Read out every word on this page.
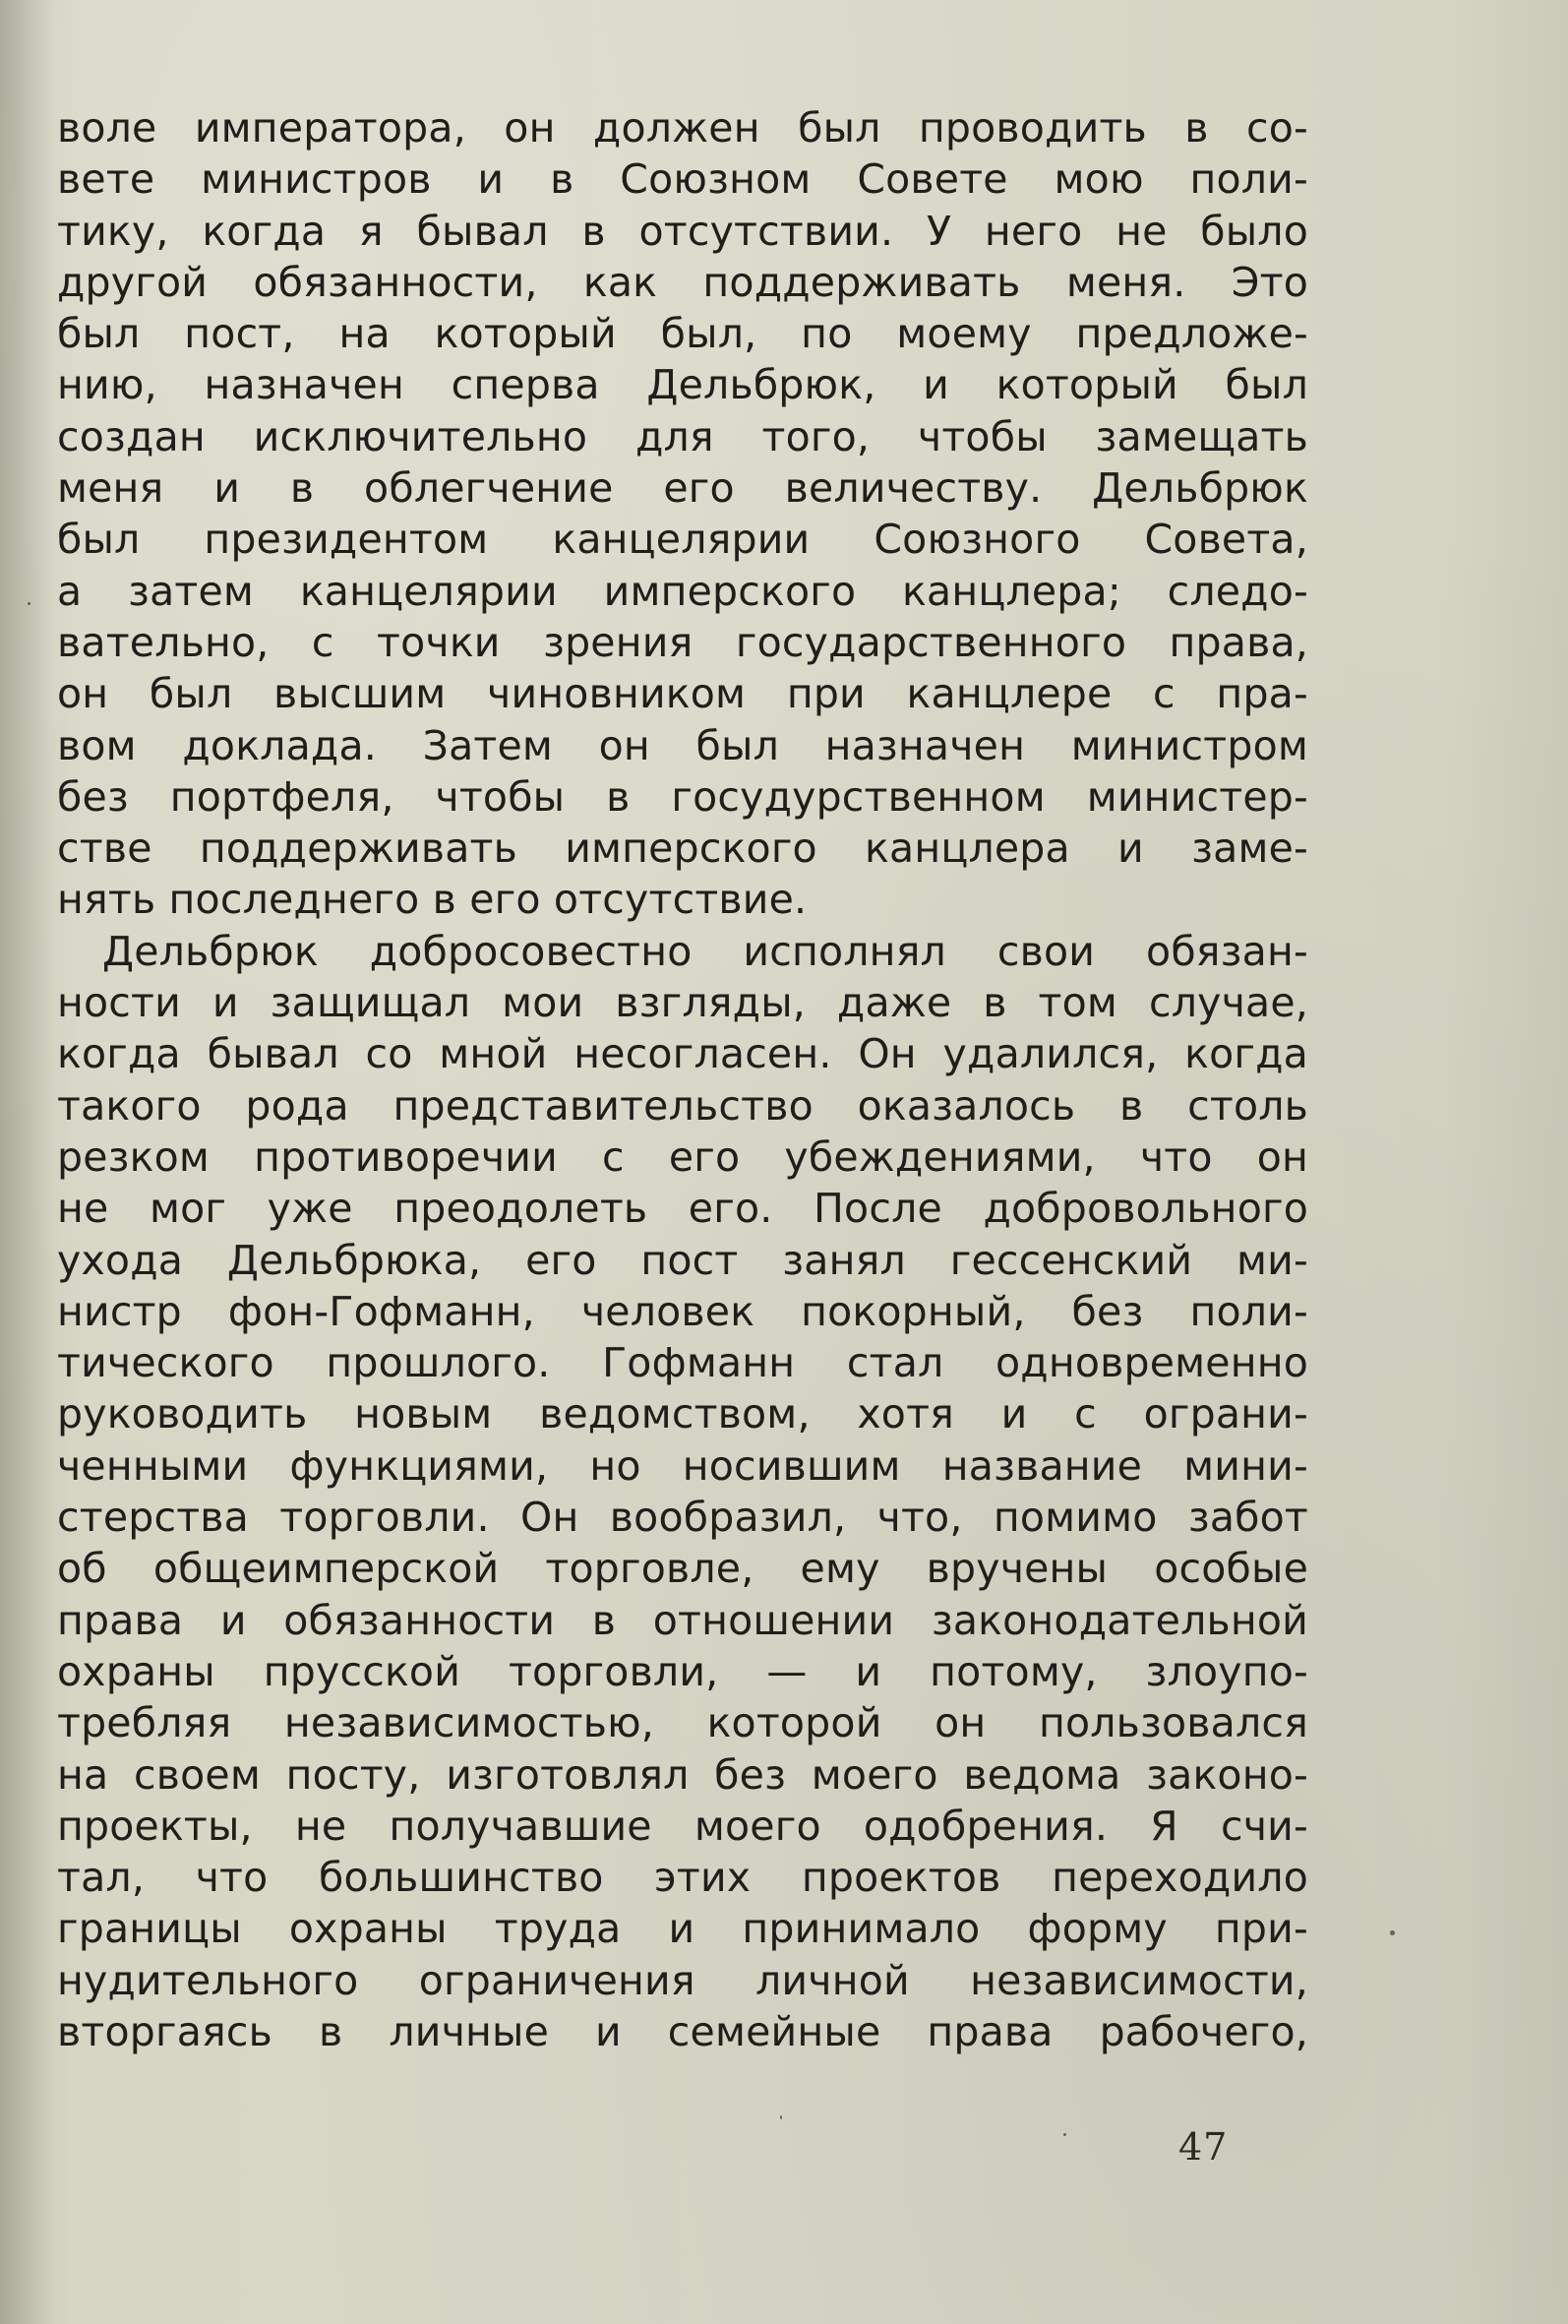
воле императора, он должен был проводить в со-
вете министров и в Союзном Совете мою поли-
тику, когда я бывал в отсутствии. У него не было
другой обязанности, как поддерживать меня. Это
был пост, на который был, по моему предложе-
нию, назначен сперва Дельбрюк, и который был
создан исключительно для того, чтобы замещать
меня и в облегчение его величеству. Дельбрюк
был президентом канцелярии Союзного Совета,
а затем канцелярии имперского канцлера; следо-
вательно, с точки зрения государственного права,
он был высшим чиновником при канцлере с пра-
вом доклада. Затем он был назначен министром
без портфеля, чтобы в госудурственном министер-
стве поддерживать имперского канцлера и заме-
нять последнего в его отсутствие.
Дельбрюк добросовестно исполнял свои обязан-
ности и защищал мои взгляды, даже в том случае,
когда бывал со мной несогласен. Он удалился, когда
такого рода представительство оказалось в столь
резком противоречии с его убеждениями, что он
не мог уже преодолеть его. После добровольного
ухода Дельбрюка, его пост занял гессенский ми-
нистр фон-Гофманн, человек покорный, без поли-
тического прошлого. Гофманн стал одновременно
руководить новым ведомством, хотя и с ограни-
ченными функциями, но носившим название мини-
стерства торговли. Он вообразил, что, помимо забот
об общеимперской торговле, ему вручены особые
права и обязанности в отношении законодательной
охраны прусской торговли, — и потому, злоупо-
требляя независимостью, которой он пользовался
на своем посту, изготовлял без моего ведома законо-
проекты, не получавшие моего одобрения. Я счи-
тал, что большинство этих проектов переходило
границы охраны труда и принимало форму при-
нудительного ограничения личной независимости,
вторгаясь в личные и семейные права рабочего,
47
